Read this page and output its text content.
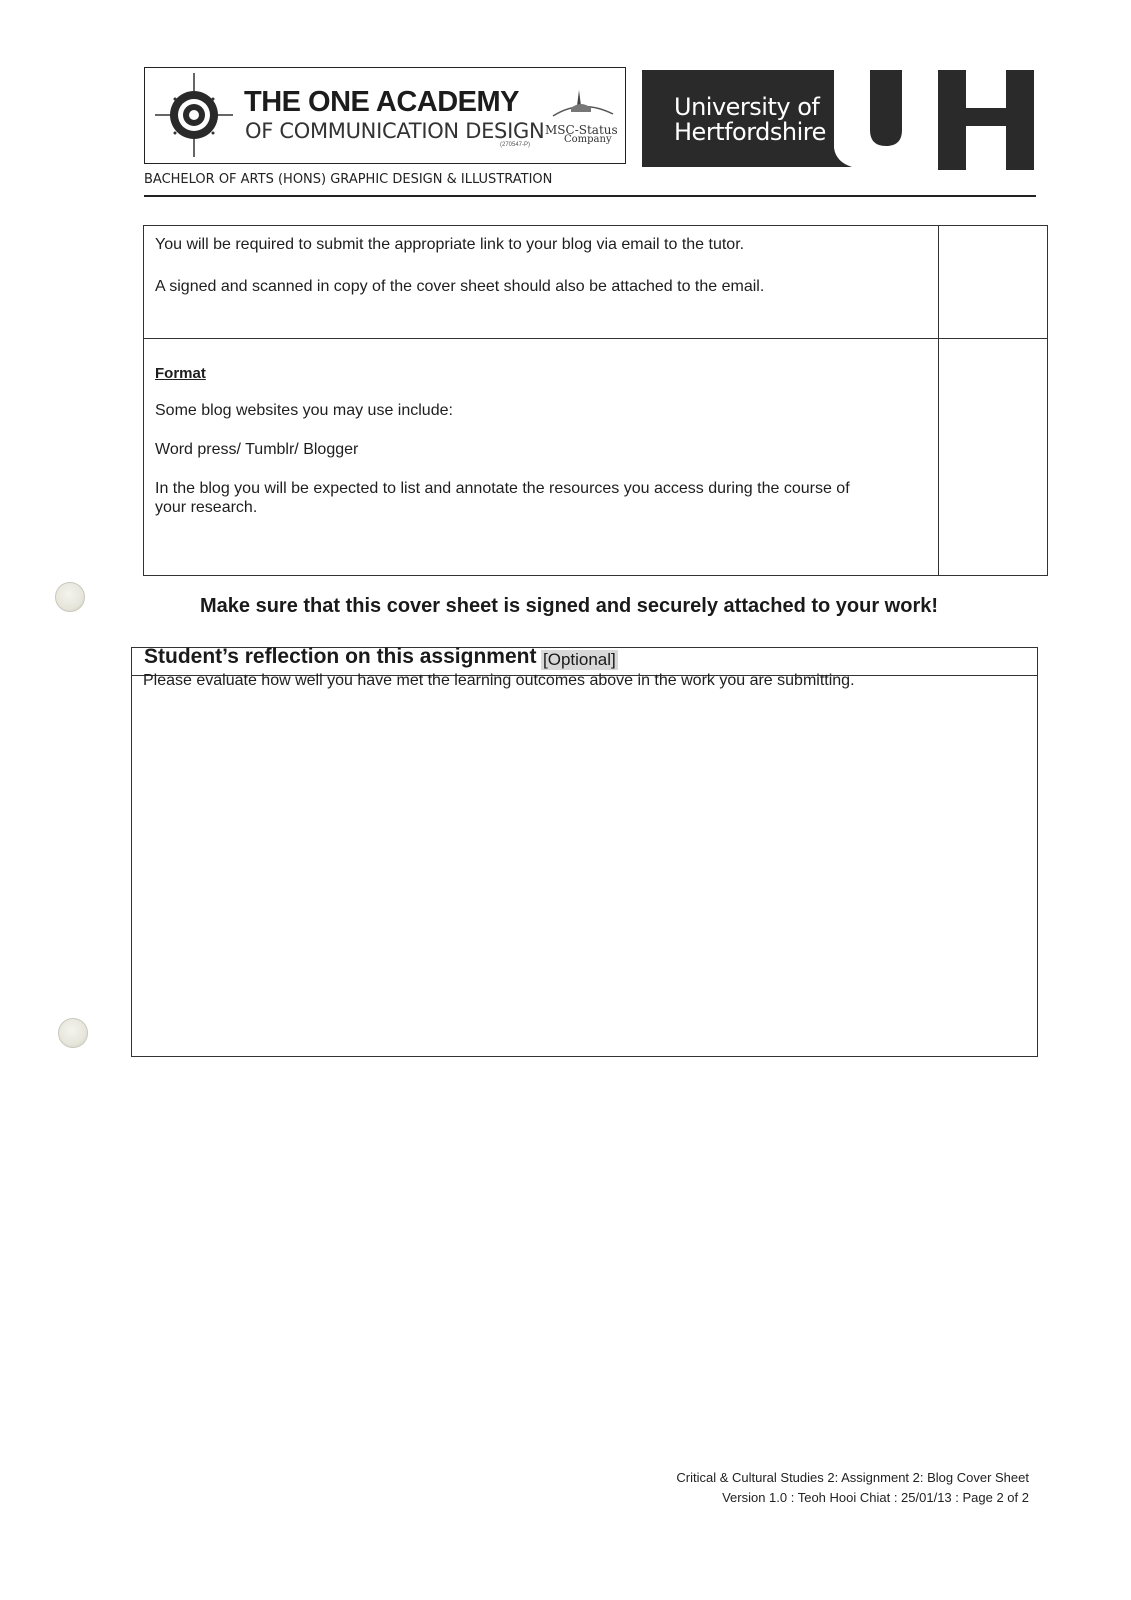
THE ONE ACADEMY
OF COMMUNICATION DESIGN
(270547-P)
MSC-Status
Company
University of
Hertfordshire
BACHELOR OF ARTS (HONS) GRAPHIC DESIGN & ILLUSTRATION
You will be required to submit the appropriate link to your blog via email to the tutor.
A signed and scanned in copy of the cover sheet should also be attached to the email.
Format
Some blog websites you may use include:
Word press/ Tumblr/ Blogger
In the blog you will be expected to list and annotate the resources you access during the course of
your research.
Make sure that this cover sheet is signed and securely attached to your work!
Student’s reflection on this assignment [Optional]
Please evaluate how well you have met the learning outcomes above in the work you are submitting.
Critical & Cultural Studies 2: Assignment 2: Blog Cover Sheet
Version 1.0 : Teoh Hooi Chiat : 25/01/13 : Page 2 of 2
